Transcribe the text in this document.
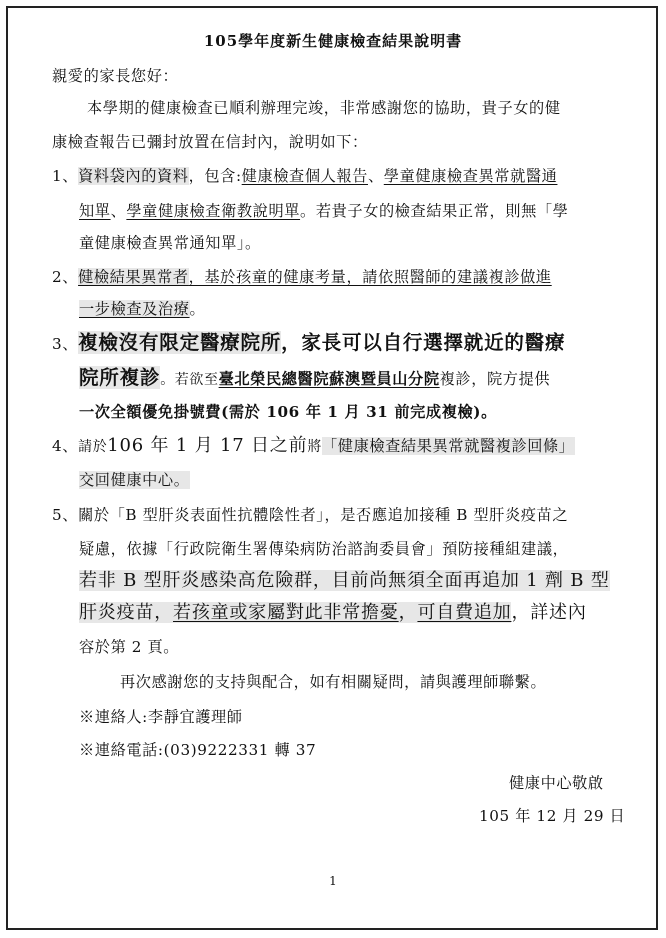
105學年度新生健康檢查結果說明書
親愛的家長您好：
本學期的健康檢查已順利辦理完竣，非常感謝您的協助，貴子女的健
康檢查報告已彌封放置在信封內，說明如下：
1、資料袋內的資料，包含:健康檢查個人報告、學童健康檢查異常就醫通
知單、學童健康檢查衛教說明單。若貴子女的檢查結果正常，則無「學
童健康檢查異常通知單」。
2、健檢結果異常者，基於孩童的健康考量，請依照醫師的建議複診做進
一步檢查及治療。
3、複檢沒有限定醫療院所，家長可以自行選擇就近的醫療
院所複診。若欲至臺北榮民總醫院蘇澳暨員山分院複診，院方提供
一次全額優免掛號費(需於 106 年 1 月 31 前完成複檢)。
4、請於106 年 1 月 17 日之前將「健康檢查結果異常就醫複診回條」
交回健康中心。
5、關於「B 型肝炎表面性抗體陰性者」，是否應追加接種 B 型肝炎疫苗之
疑慮，依據「行政院衛生署傳染病防治諮詢委員會」預防接種組建議，
若非 B 型肝炎感染高危險群，目前尚無須全面再追加 1 劑 B 型
肝炎疫苗，若孩童或家屬對此非常擔憂，可自費追加，詳述內
容於第 2 頁。
再次感謝您的支持與配合，如有相關疑問，請與護理師聯繫。
※連絡人:李靜宜護理師
※連絡電話:(03)9222331 轉 37
健康中心敬啟
105 年 12 月 29 日
1
